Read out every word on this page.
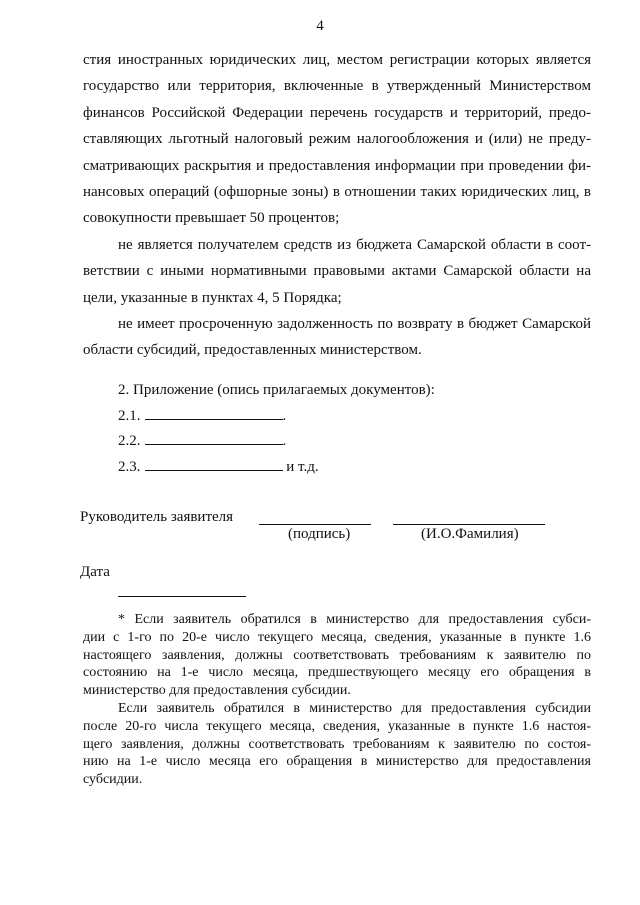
4
стия иностранных юридических лиц, местом регистрации которых является
государство или территория, включенные в утвержденный Министерством
финансов Российской Федерации перечень государств и территорий, предо-
ставляющих льготный налоговый режим налогообложения и (или) не преду-
сматривающих раскрытия и предоставления информации при проведении фи-
нансовых операций (офшорные зоны) в отношении таких юридических лиц, в
совокупности превышает 50 процентов;
не является получателем средств из бюджета Самарской области в соот-
ветствии с иными нормативными правовыми актами Самарской области на
цели, указанные в пунктах 4, 5 Порядка;
не имеет просроченную задолженность по возврату в бюджет Самарской
области субсидий, предоставленных министерством.
2. Приложение (опись прилагаемых документов):
2.1.	.
2.2.	.
2.3.	и т.д.
Руководитель заявителя
(подпись)	(И.О.Фамилия)
Дата
* Если заявитель обратился в министерство для предоставления субси-
дии с 1-го по 20-е число текущего месяца, сведения, указанные в пункте 1.6
настоящего заявления, должны соответствовать требованиям к заявителю по
состоянию на 1-е число месяца, предшествующего месяцу его обращения в
министерство для предоставления субсидии.
Если заявитель обратился в министерство для предоставления субсидии
после 20-го числа текущего месяца, сведения, указанные в пункте 1.6 настоя-
щего заявления, должны соответствовать требованиям к заявителю по состоя-
нию на 1-е число месяца его обращения в министерство для предоставления
субсидии.
